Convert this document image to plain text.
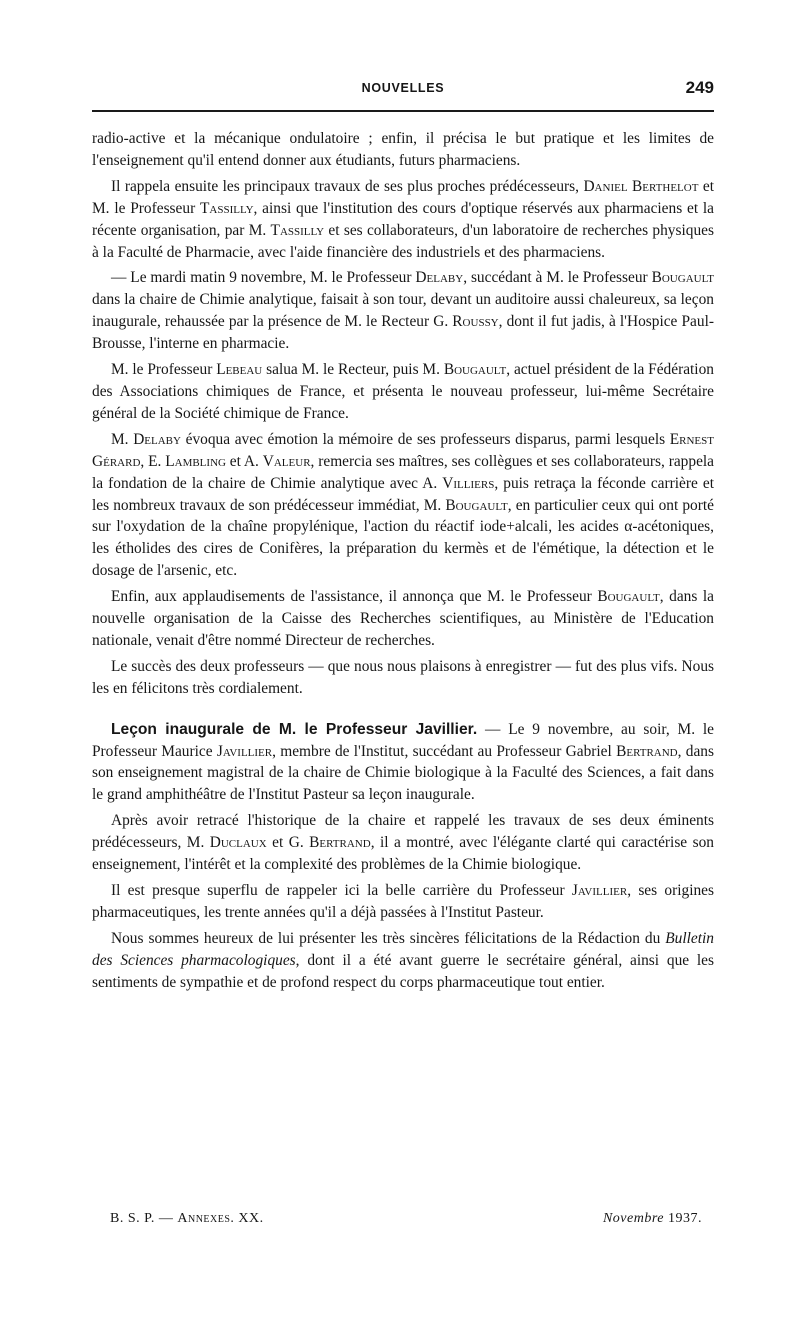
NOUVELLES	249

radio-active et la mécanique ondulatoire ; enfin, il précisa le but pratique et les limites de l'enseignement qu'il entend donner aux étudiants, futurs pharmaciens.

Il rappela ensuite les principaux travaux de ses plus proches prédécesseurs, Daniel Berthelot et M. le Professeur Tassilly, ainsi que l'institution des cours d'optique réservés aux pharmaciens et la récente organisation, par M. Tassilly et ses collaborateurs, d'un laboratoire de recherches physiques à la Faculté de Pharmacie, avec l'aide financière des industriels et des pharmaciens.

— Le mardi matin 9 novembre, M. le Professeur Delaby, succédant à M. le Professeur Bougault dans la chaire de Chimie analytique, faisait à son tour, devant un auditoire aussi chaleureux, sa leçon inaugurale, rehaussée par la présence de M. le Recteur G. Roussy, dont il fut jadis, à l'Hospice Paul-Brousse, l'interne en pharmacie.

M. le Professeur Lebeau salua M. le Recteur, puis M. Bougault, actuel président de la Fédération des Associations chimiques de France, et présenta le nouveau professeur, lui-même Secrétaire général de la Société chimique de France.

M. Delaby évoqua avec émotion la mémoire de ses professeurs disparus, parmi lesquels Ernest Gérard, E. Lambling et A. Valeur, remercia ses maîtres, ses collègues et ses collaborateurs, rappela la fondation de la chaire de Chimie analytique avec A. Villiers, puis retraça la féconde carrière et les nombreux travaux de son prédécesseur immédiat, M. Bougault, en particulier ceux qui ont porté sur l'oxydation de la chaîne propylénique, l'action du réactif iode+alcali, les acides α-acétoniques, les étholides des cires de Conifères, la préparation du kermès et de l'émétique, la détection et le dosage de l'arsenic, etc.

Enfin, aux applaudisements de l'assistance, il annonça que M. le Professeur Bougault, dans la nouvelle organisation de la Caisse des Recherches scientifiques, au Ministère de l'Education nationale, venait d'être nommé Directeur de recherches.

Le succès des deux professeurs — que nous nous plaisons à enregistrer — fut des plus vifs. Nous les en félicitons très cordialement.

Leçon inaugurale de M. le Professeur Javillier. — Le 9 novembre, au soir, M. le Professeur Maurice Javillier, membre de l'Institut, succédant au Professeur Gabriel Bertrand, dans son enseignement magistral de la chaire de Chimie biologique à la Faculté des Sciences, a fait dans le grand amphithéâtre de l'Institut Pasteur sa leçon inaugurale.

Après avoir retracé l'historique de la chaire et rappelé les travaux de ses deux éminents prédécesseurs, M. Duclaux et G. Bertrand, il a montré, avec l'élégante clarté qui caractérise son enseignement, l'intérêt et la complexité des problèmes de la Chimie biologique.

Il est presque superflu de rappeler ici la belle carrière du Professeur Javillier, ses origines pharmaceutiques, les trente années qu'il a déjà passées à l'Institut Pasteur.

Nous sommes heureux de lui présenter les très sincères félicitations de la Rédaction du Bulletin des Sciences pharmacologiques, dont il a été avant guerre le secrétaire général, ainsi que les sentiments de sympathie et de profond respect du corps pharmaceutique tout entier.

B. S. P. — Annexes. XX.	Novembre 1937.
